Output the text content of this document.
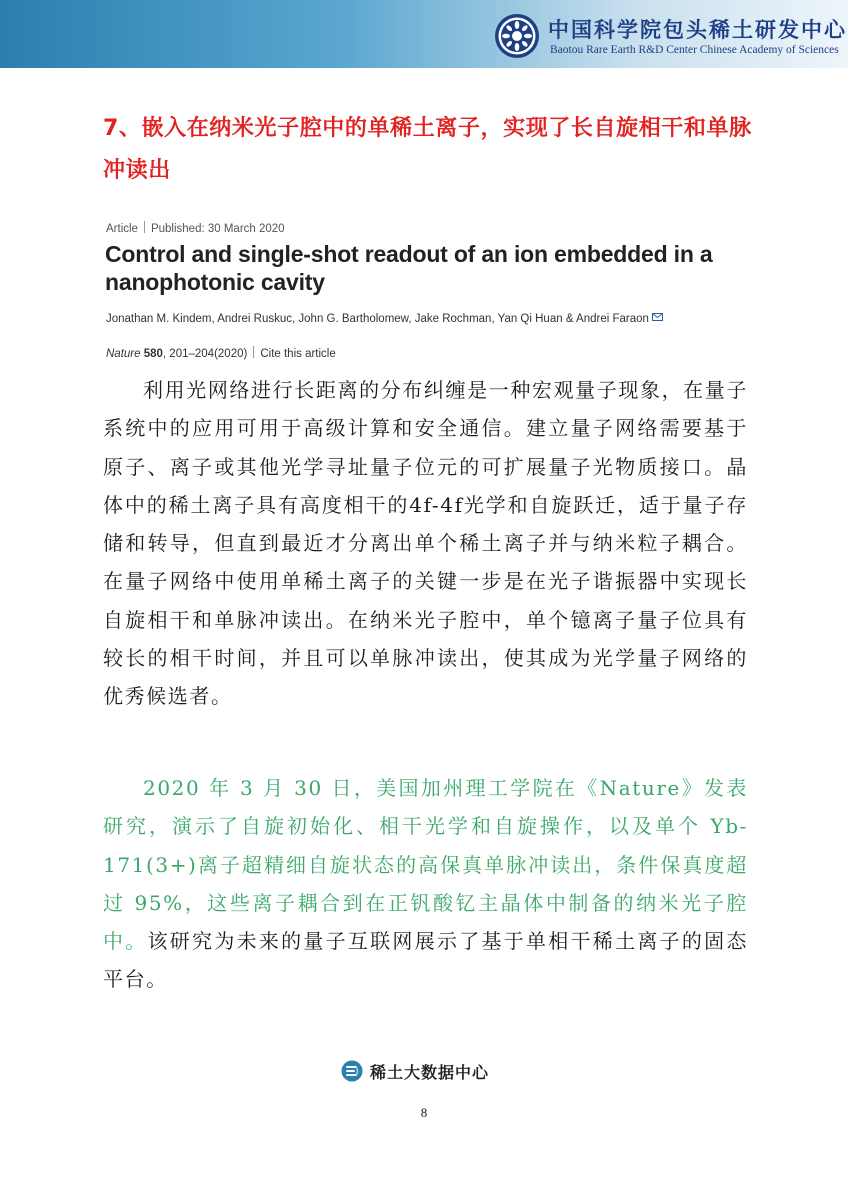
中国科学院包头稀土研发中心
Baotou Rare Earth R&D Center Chinese Academy of Sciences
7、嵌入在纳米光子腔中的单稀土离子，实现了长自旋相干和单脉冲读出
Article Published: 30 March 2020
Control and single-shot readout of an ion embedded in a nanophotonic cavity
Jonathan M. Kindem, Andrei Ruskuc, John G. Bartholomew, Jake Rochman, Yan Qi Huan & Andrei Faraon
Nature 580, 201–204(2020) Cite this article

利用光网络进行长距离的分布纠缠是一种宏观量子现象，在量子系统中的应用可用于高级计算和安全通信。建立量子网络需要基于原子、离子或其他光学寻址量子位元的可扩展量子光物质接口。晶体中的稀土离子具有高度相干的4f-4f光学和自旋跃迁，适于量子存储和转导，但直到最近才分离出单个稀土离子并与纳米粒子耦合。在量子网络中使用单稀土离子的关键一步是在光子谐振器中实现长自旋相干和单脉冲读出。在纳米光子腔中，单个镱离子量子位具有较长的相干时间，并且可以单脉冲读出，使其成为光学量子网络的优秀候选者。

2020 年 3 月 30 日，美国加州理工学院在《Nature》发表研究，演示了自旋初始化、相干光学和自旋操作，以及单个 Yb-171(3+)离子超精细自旋状态的高保真单脉冲读出，条件保真度超过 95%，这些离子耦合到在正钒酸钇主晶体中制备的纳米光子腔中。该研究为未来的量子互联网展示了基于单相干稀土离子的固态平台。

稀土大数据中心
8
